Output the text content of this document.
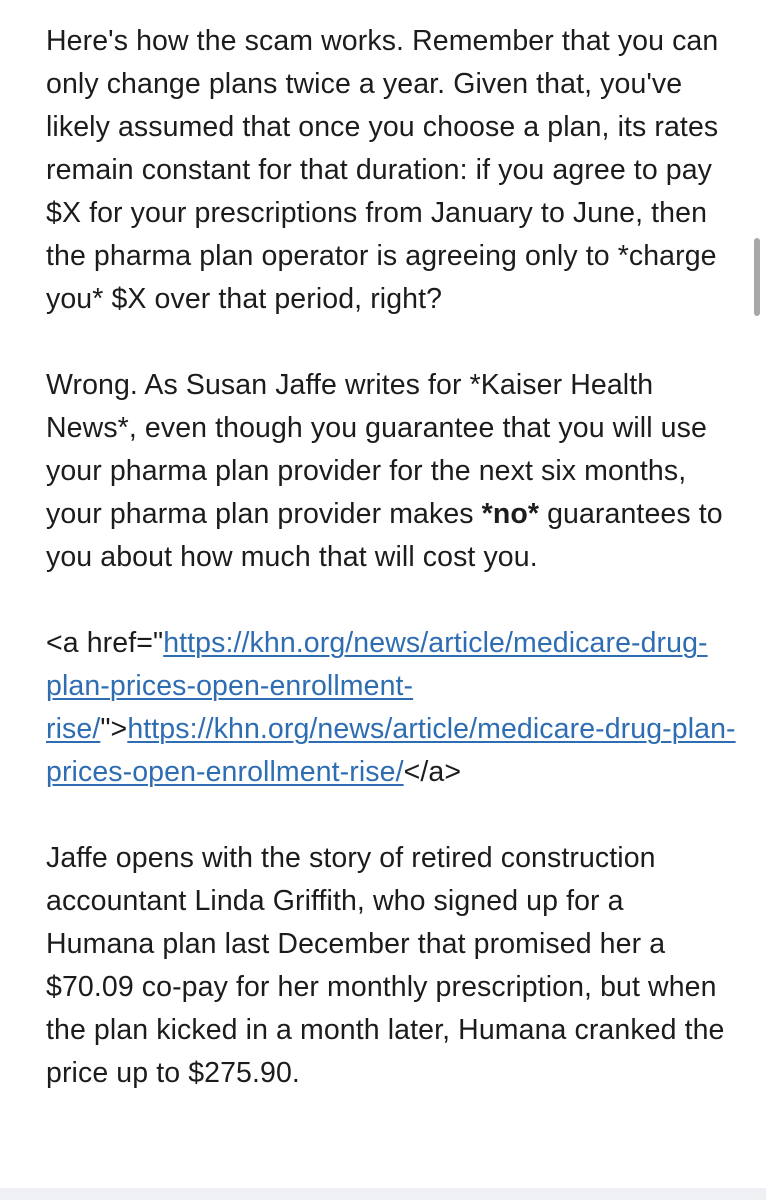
Here's how the scam works. Remember that you can only change plans twice a year. Given that, you've likely assumed that once you choose a plan, its rates remain constant for that duration: if you agree to pay $X for your prescriptions from January to June, then the pharma plan operator is agreeing only to *charge you* $X over that period, right?

Wrong. As Susan Jaffe writes for *Kaiser Health News*, even though you guarantee that you will use your pharma plan provider for the next six months, your pharma plan provider makes *no* guarantees to you about how much that will cost you.

<a href="https://khn.org/news/article/medicare-drug-plan-prices-open-enrollment-rise/">https://khn.org/news/article/medicare-drug-plan-prices-open-enrollment-rise/</a>

Jaffe opens with the story of retired construction accountant Linda Griffith, who signed up for a Humana plan last December that promised her a $70.09 co-pay for her monthly prescription, but when the plan kicked in a month later, Humana cranked the price up to $275.90.
